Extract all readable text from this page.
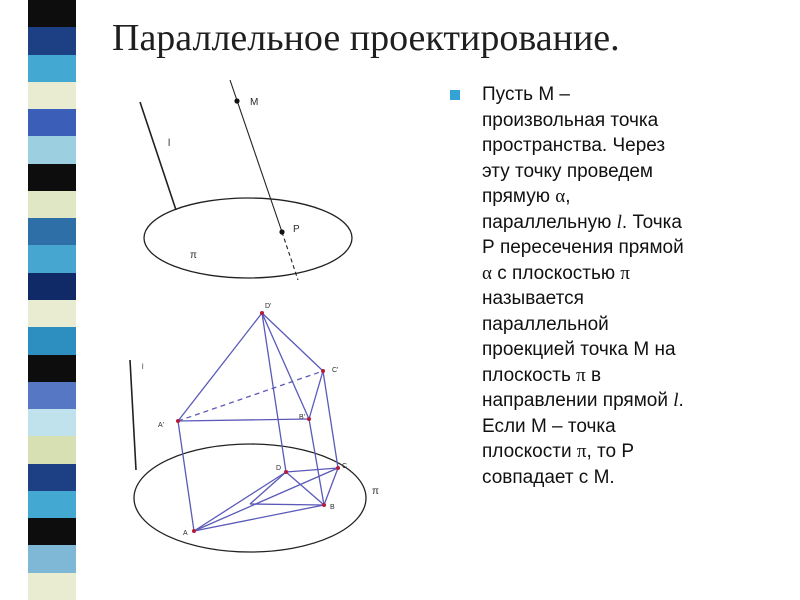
Параллельное проектирование.
l
π
M
P
l
π
D'
C'
B'
A'
D	C
B
A

Пусть М –
произвольная точка
пространства. Через
эту точку проведем
прямую α,
параллельную l. Точка
Р пересечения прямой
α с плоскостью π
называется
параллельной
проекцией точка М на
плоскость π в
направлении прямой l.
Если М – точка
плоскости π, то Р
совпадает с М.
